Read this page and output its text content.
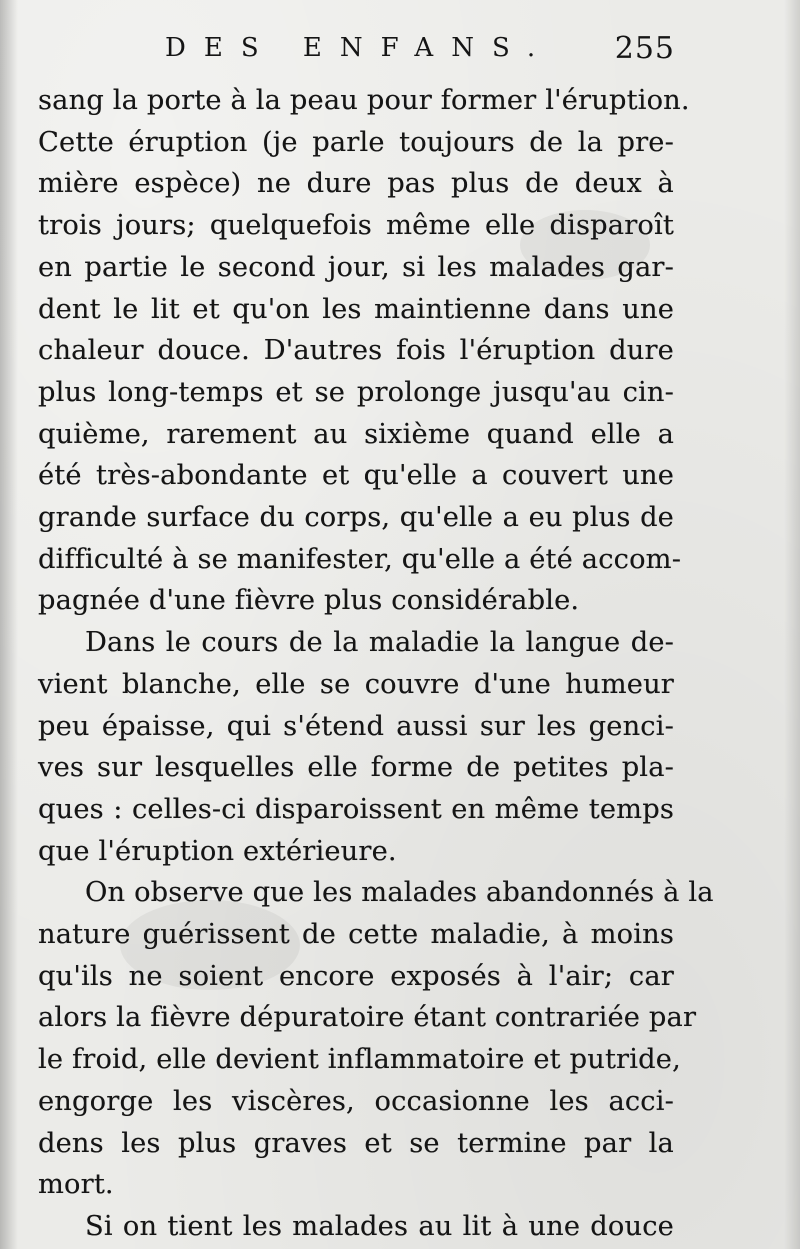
DES ENFANS. 255
sang la porte à la peau pour former l'éruption.
Cette éruption (je parle toujours de la pre-
mière espèce) ne dure pas plus de deux à
trois jours; quelquefois même elle disparoît
en partie le second jour, si les malades gar-
dent le lit et qu'on les maintienne dans une
chaleur douce. D'autres fois l'éruption dure
plus long-temps et se prolonge jusqu'au cin-
quième, rarement au sixième quand elle a
été très-abondante et qu'elle a couvert une
grande surface du corps, qu'elle a eu plus de
difficulté à se manifester, qu'elle a été accom-
pagnée d'une fièvre plus considérable.
Dans le cours de la maladie la langue de-
vient blanche, elle se couvre d'une humeur
peu épaisse, qui s'étend aussi sur les genci-
ves sur lesquelles elle forme de petites pla-
ques : celles-ci disparoissent en même temps
que l'éruption extérieure.
On observe que les malades abandonnés à la
nature guérissent de cette maladie, à moins
qu'ils ne soient encore exposés à l'air; car
alors la fièvre dépuratoire étant contrariée par
le froid, elle devient inflammatoire et putride,
engorge les viscères, occasionne les acci-
dens les plus graves et se termine par la
mort.
Si on tient les malades au lit à une douce
